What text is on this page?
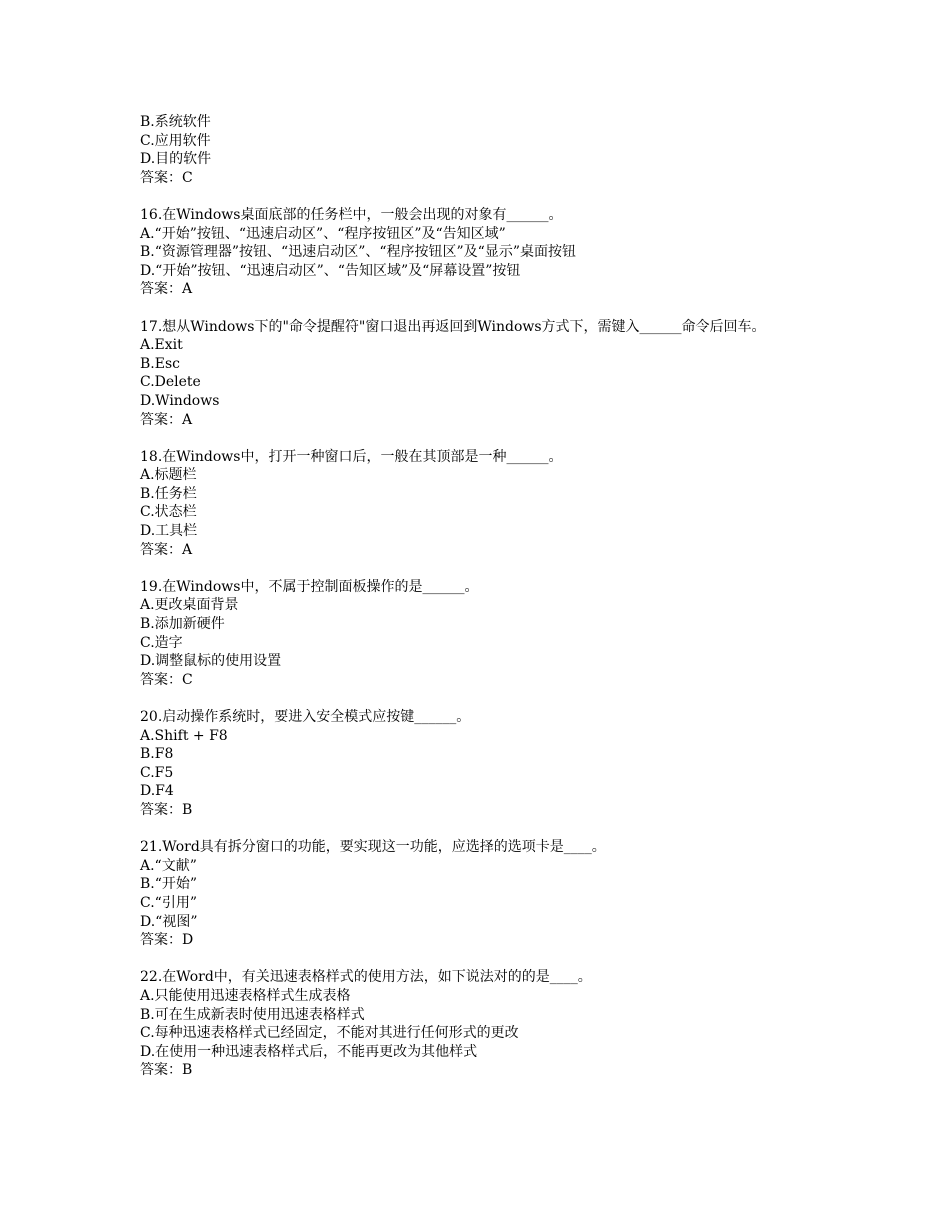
B.系统软件
C.应用软件
D.目的软件
答案：C
16.在Windows桌面底部的任务栏中，一般会出现的对象有______。
A.“开始”按钮、“迅速启动区”、“程序按钮区”及“告知区域”
B.“资源管理器”按钮、“迅速启动区”、“程序按钮区”及“显示”桌面按钮
D.“开始”按钮、“迅速启动区”、“告知区域”及“屏幕设置”按钮
答案：A
17.想从Windows下的"命令提醒符"窗口退出再返回到Windows方式下，需键入______命令后回车。
A.Exit
B.Esc
C.Delete
D.Windows
答案：A
18.在Windows中，打开一种窗口后，一般在其顶部是一种______。
A.标题栏
B.任务栏
C.状态栏
D.工具栏
答案：A
19.在Windows中，不属于控制面板操作的是______。
A.更改桌面背景
B.添加新硬件
C.造字
D.调整鼠标的使用设置
答案：C
20.启动操作系统时，要进入安全模式应按键______。
A.Shift + F8
B.F8
C.F5
D.F4
答案：B
21.Word具有拆分窗口的功能，要实现这一功能，应选择的选项卡是____。
A.“文献”
B.“开始”
C.“引用”
D.“视图”
答案：D
22.在Word中，有关迅速表格样式的使用方法，如下说法对的的是____。
A.只能使用迅速表格样式生成表格
B.可在生成新表时使用迅速表格样式
C.每种迅速表格样式已经固定，不能对其进行任何形式的更改
D.在使用一种迅速表格样式后，不能再更改为其他样式
答案：B
